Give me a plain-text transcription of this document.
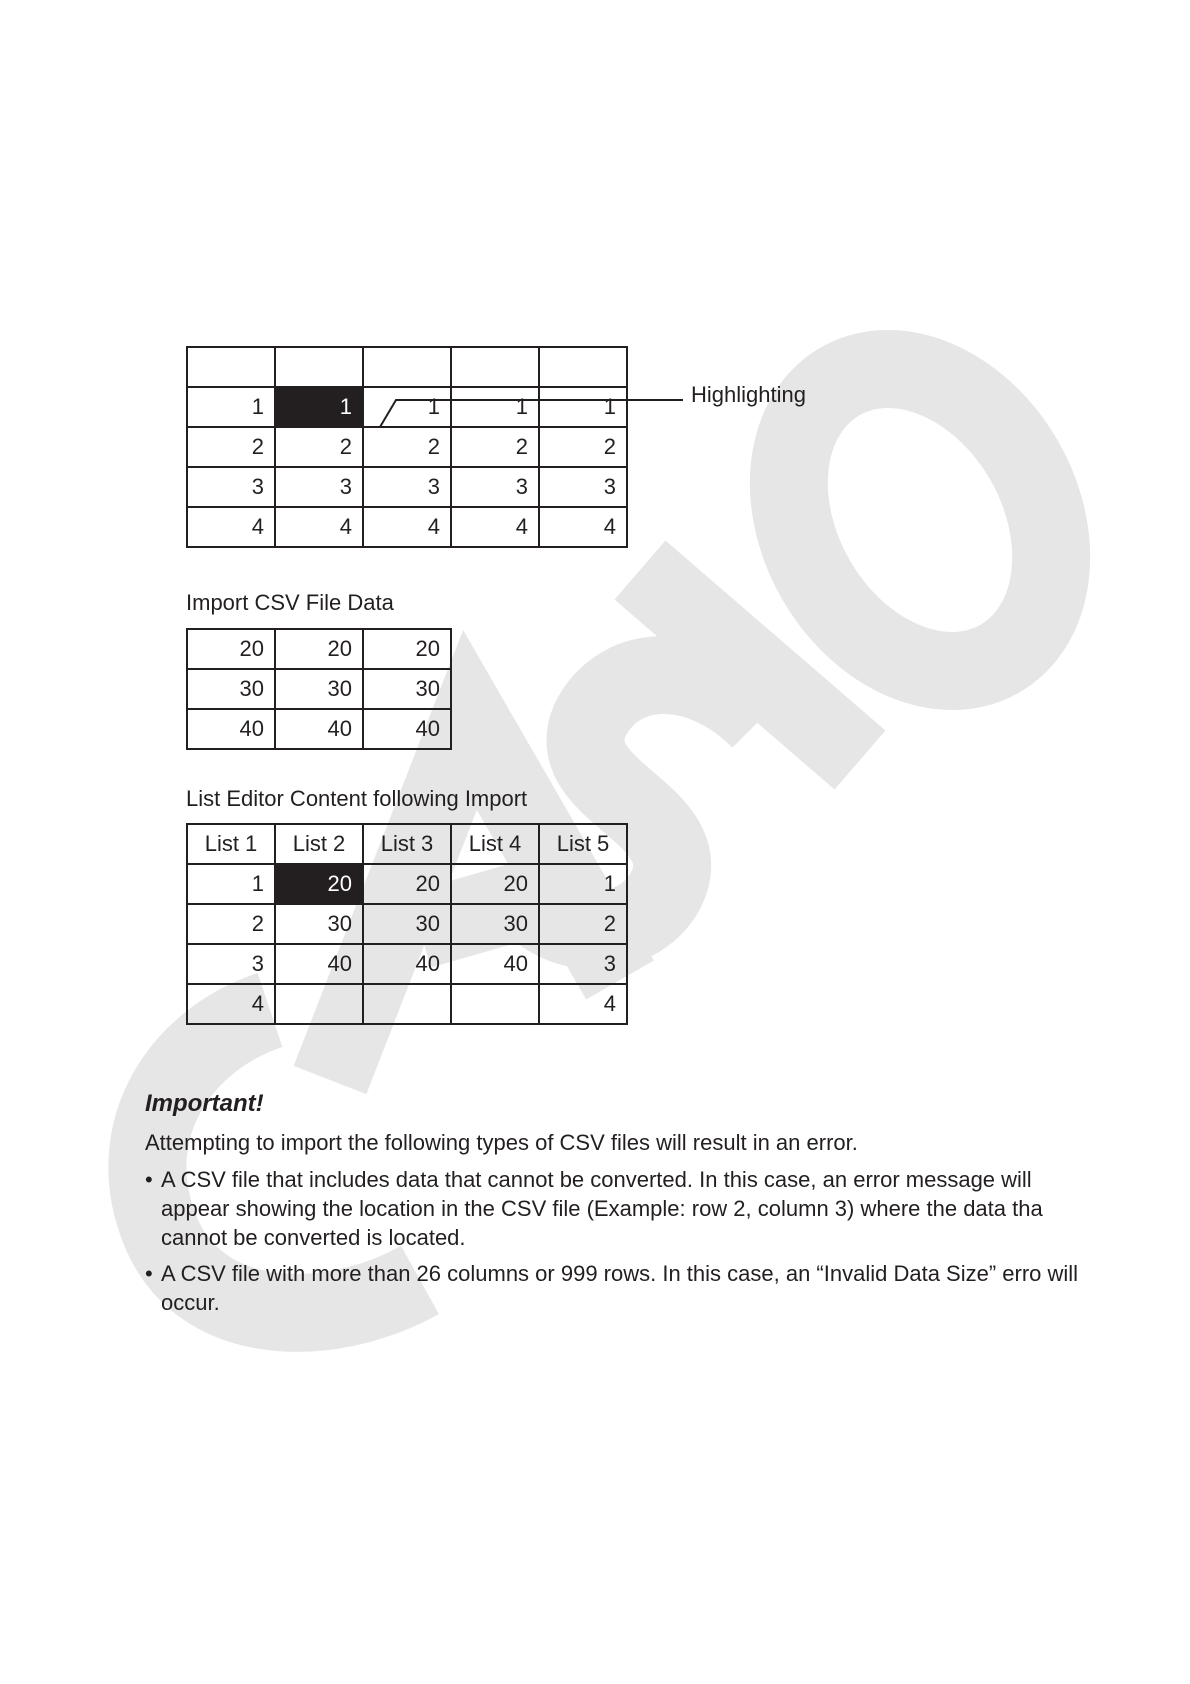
1	1	1	1	1
2	2	2	2	2
3	3	3	3	3
4	4	4	4	4
Highlighting
Import CSV File Data
20	20	20
30	30	30
40	40	40
List Editor Content following Import
List 1	List 2	List 3	List 4	List 5
1	20	20	20	1
2	30	30	30	2
3	40	40	40	3
4				4
Important!
Attempting to import the following types of CSV files will result in an error.
• A CSV file that includes data that cannot be converted. In this case, an error message will appear showing the location in the CSV file (Example: row 2, column 3) where the data tha cannot be converted is located.
• A CSV file with more than 26 columns or 999 rows. In this case, an “Invalid Data Size” erro will occur.
